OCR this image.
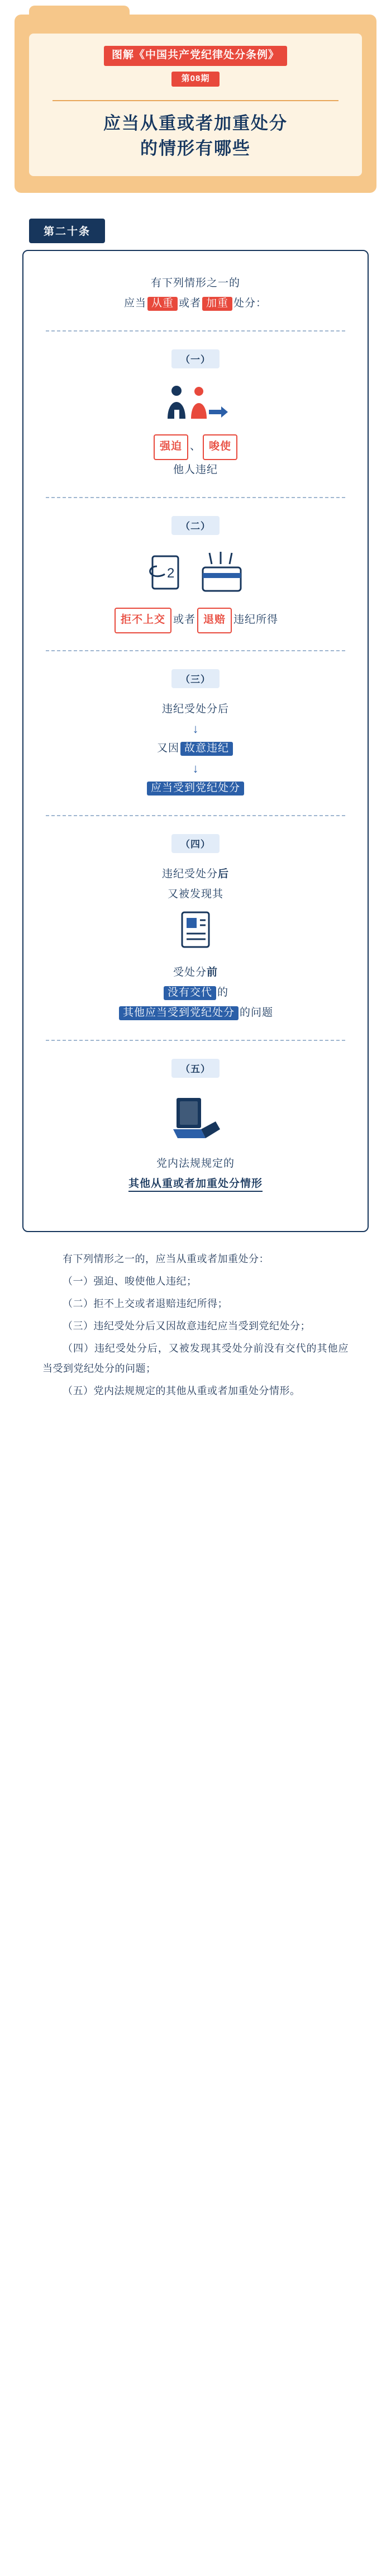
图解《中国共产党纪律处分条例》
第08期
应当从重或者加重处分
的情形有哪些
第二十条
有下列情形之一的
应当 从重 或者 加重 处分：
（一）
强迫 、 唆使
他人违纪
（二）
2
拒不上交 或者 退赔 违纪所得
（三）
违纪受处分后
↓
又因 故意违纪
↓
应当受到党纪处分
（四）
违纪受处分后
又被发现其
受处分前
没有交代 的
其他应当受到党纪处分 的问题
（五）
党内法规规定的
其他从重或者加重处分情形

有下列情形之一的，应当从重或者加重处分：

（一）强迫、唆使他人违纪；

（二）拒不上交或者退赔违纪所得；

（三）违纪受处分后又因故意违纪应当受到党纪处分；

（四）违纪受处分后，又被发现其受处分前没有交代的其他应当受到党纪处分的问题；

（五）党内法规规定的其他从重或者加重处分情形。
